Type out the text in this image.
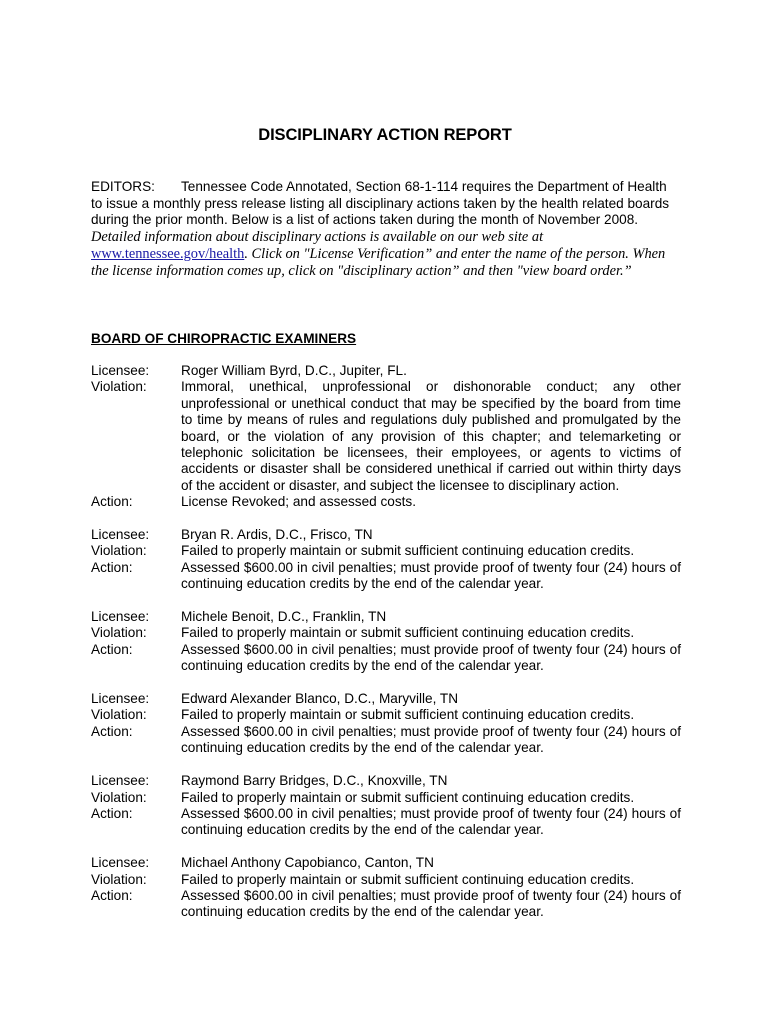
DISCIPLINARY ACTION REPORT
EDITORS:	Tennessee Code Annotated, Section 68-1-114 requires the Department of Health
to issue a monthly press release listing all disciplinary actions taken by the health related boards during the prior month. Below is a list of actions taken during the month of November 2008.
Detailed information about disciplinary actions is available on our web site at www.tennessee.gov/health. Click on "License Verification” and enter the name of the person. When the license information comes up, click on "disciplinary action” and then "view board order.”
BOARD OF CHIROPRACTIC EXAMINERS
Licensee:	Roger William Byrd, D.C., Jupiter, FL.
Violation:	Immoral, unethical, unprofessional or dishonorable conduct; any other unprofessional or unethical conduct that may be specified by the board from time to time by means of rules and regulations duly published and promulgated by the board, or the violation of any provision of this chapter; and telemarketing or telephonic solicitation be licensees, their employees, or agents to victims of accidents or disaster shall be considered unethical if carried out within thirty days of the accident or disaster, and subject the licensee to disciplinary action.
Action:	License Revoked; and assessed costs.
Licensee:	Bryan R. Ardis, D.C., Frisco, TN
Violation:	Failed to properly maintain or submit sufficient continuing education credits.
Action:	Assessed $600.00 in civil penalties; must provide proof of twenty four (24) hours of continuing education credits by the end of the calendar year.
Licensee:	Michele Benoit, D.C., Franklin, TN
Violation:	Failed to properly maintain or submit sufficient continuing education credits.
Action:	Assessed $600.00 in civil penalties; must provide proof of twenty four (24) hours of continuing education credits by the end of the calendar year.
Licensee:	Edward Alexander Blanco, D.C., Maryville, TN
Violation:	Failed to properly maintain or submit sufficient continuing education credits.
Action:	Assessed $600.00 in civil penalties; must provide proof of twenty four (24) hours of continuing education credits by the end of the calendar year.
Licensee:	Raymond Barry Bridges, D.C., Knoxville, TN
Violation:	Failed to properly maintain or submit sufficient continuing education credits.
Action:	Assessed $600.00 in civil penalties; must provide proof of twenty four (24) hours of continuing education credits by the end of the calendar year.
Licensee:	Michael Anthony Capobianco, Canton, TN
Violation:	Failed to properly maintain or submit sufficient continuing education credits.
Action:	Assessed $600.00 in civil penalties; must provide proof of twenty four (24) hours of continuing education credits by the end of the calendar year.
